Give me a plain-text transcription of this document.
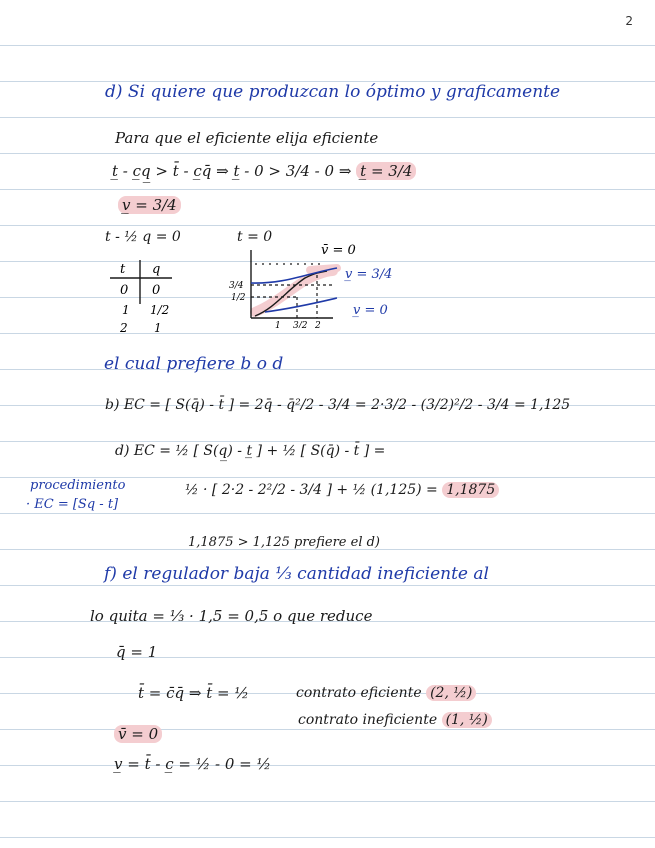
2
d) Si quiere que produzcan lo óptimo y graficamente
Para que el eficiente elija eficiente
t̲ - c̲q̲ > t̄ - c̲q̄ ⇒ t̲ - 0 > 3/4 - 0 ⇒ t̲ = 3/4
v̲ = 3/4
t - ½ q = 0	t = 0
t q
0 0
1 1/2
2 1
3/4
1/2
1 3/2 2
v̄ = 0
v̲ = 3/4
v̲ = 0
el cual prefiere b o d
b) EC = [ S(q̄) - t̄ ] = 2q̄ - q̄²/2 - 3/4 = 2·3/2 - (3/2)²/2 - 3/4 = 1,125
d) EC = ½ [ S(q̲) - t̲ ] + ½ [ S(q̄) - t̄ ] =
procedimiento
· EC = [Sq - t]
½ · [ 2·2 - 2²/2 - 3/4 ] + ½ (1,125) = 1,1875
1,1875 > 1,125 prefiere el d)
f) el regulador baja ⅓ cantidad ineficiente al
lo quita = ⅓ · 1,5 = 0,5 o que reduce
q̄ = 1
t̄ = c̄q̄ ⇒ t̄ = ½	contrato eficiente (2, ½)
contrato ineficiente (1, ½)
v̄ = 0
v̲ = t̄ - c̲ = ½ - 0 = ½
